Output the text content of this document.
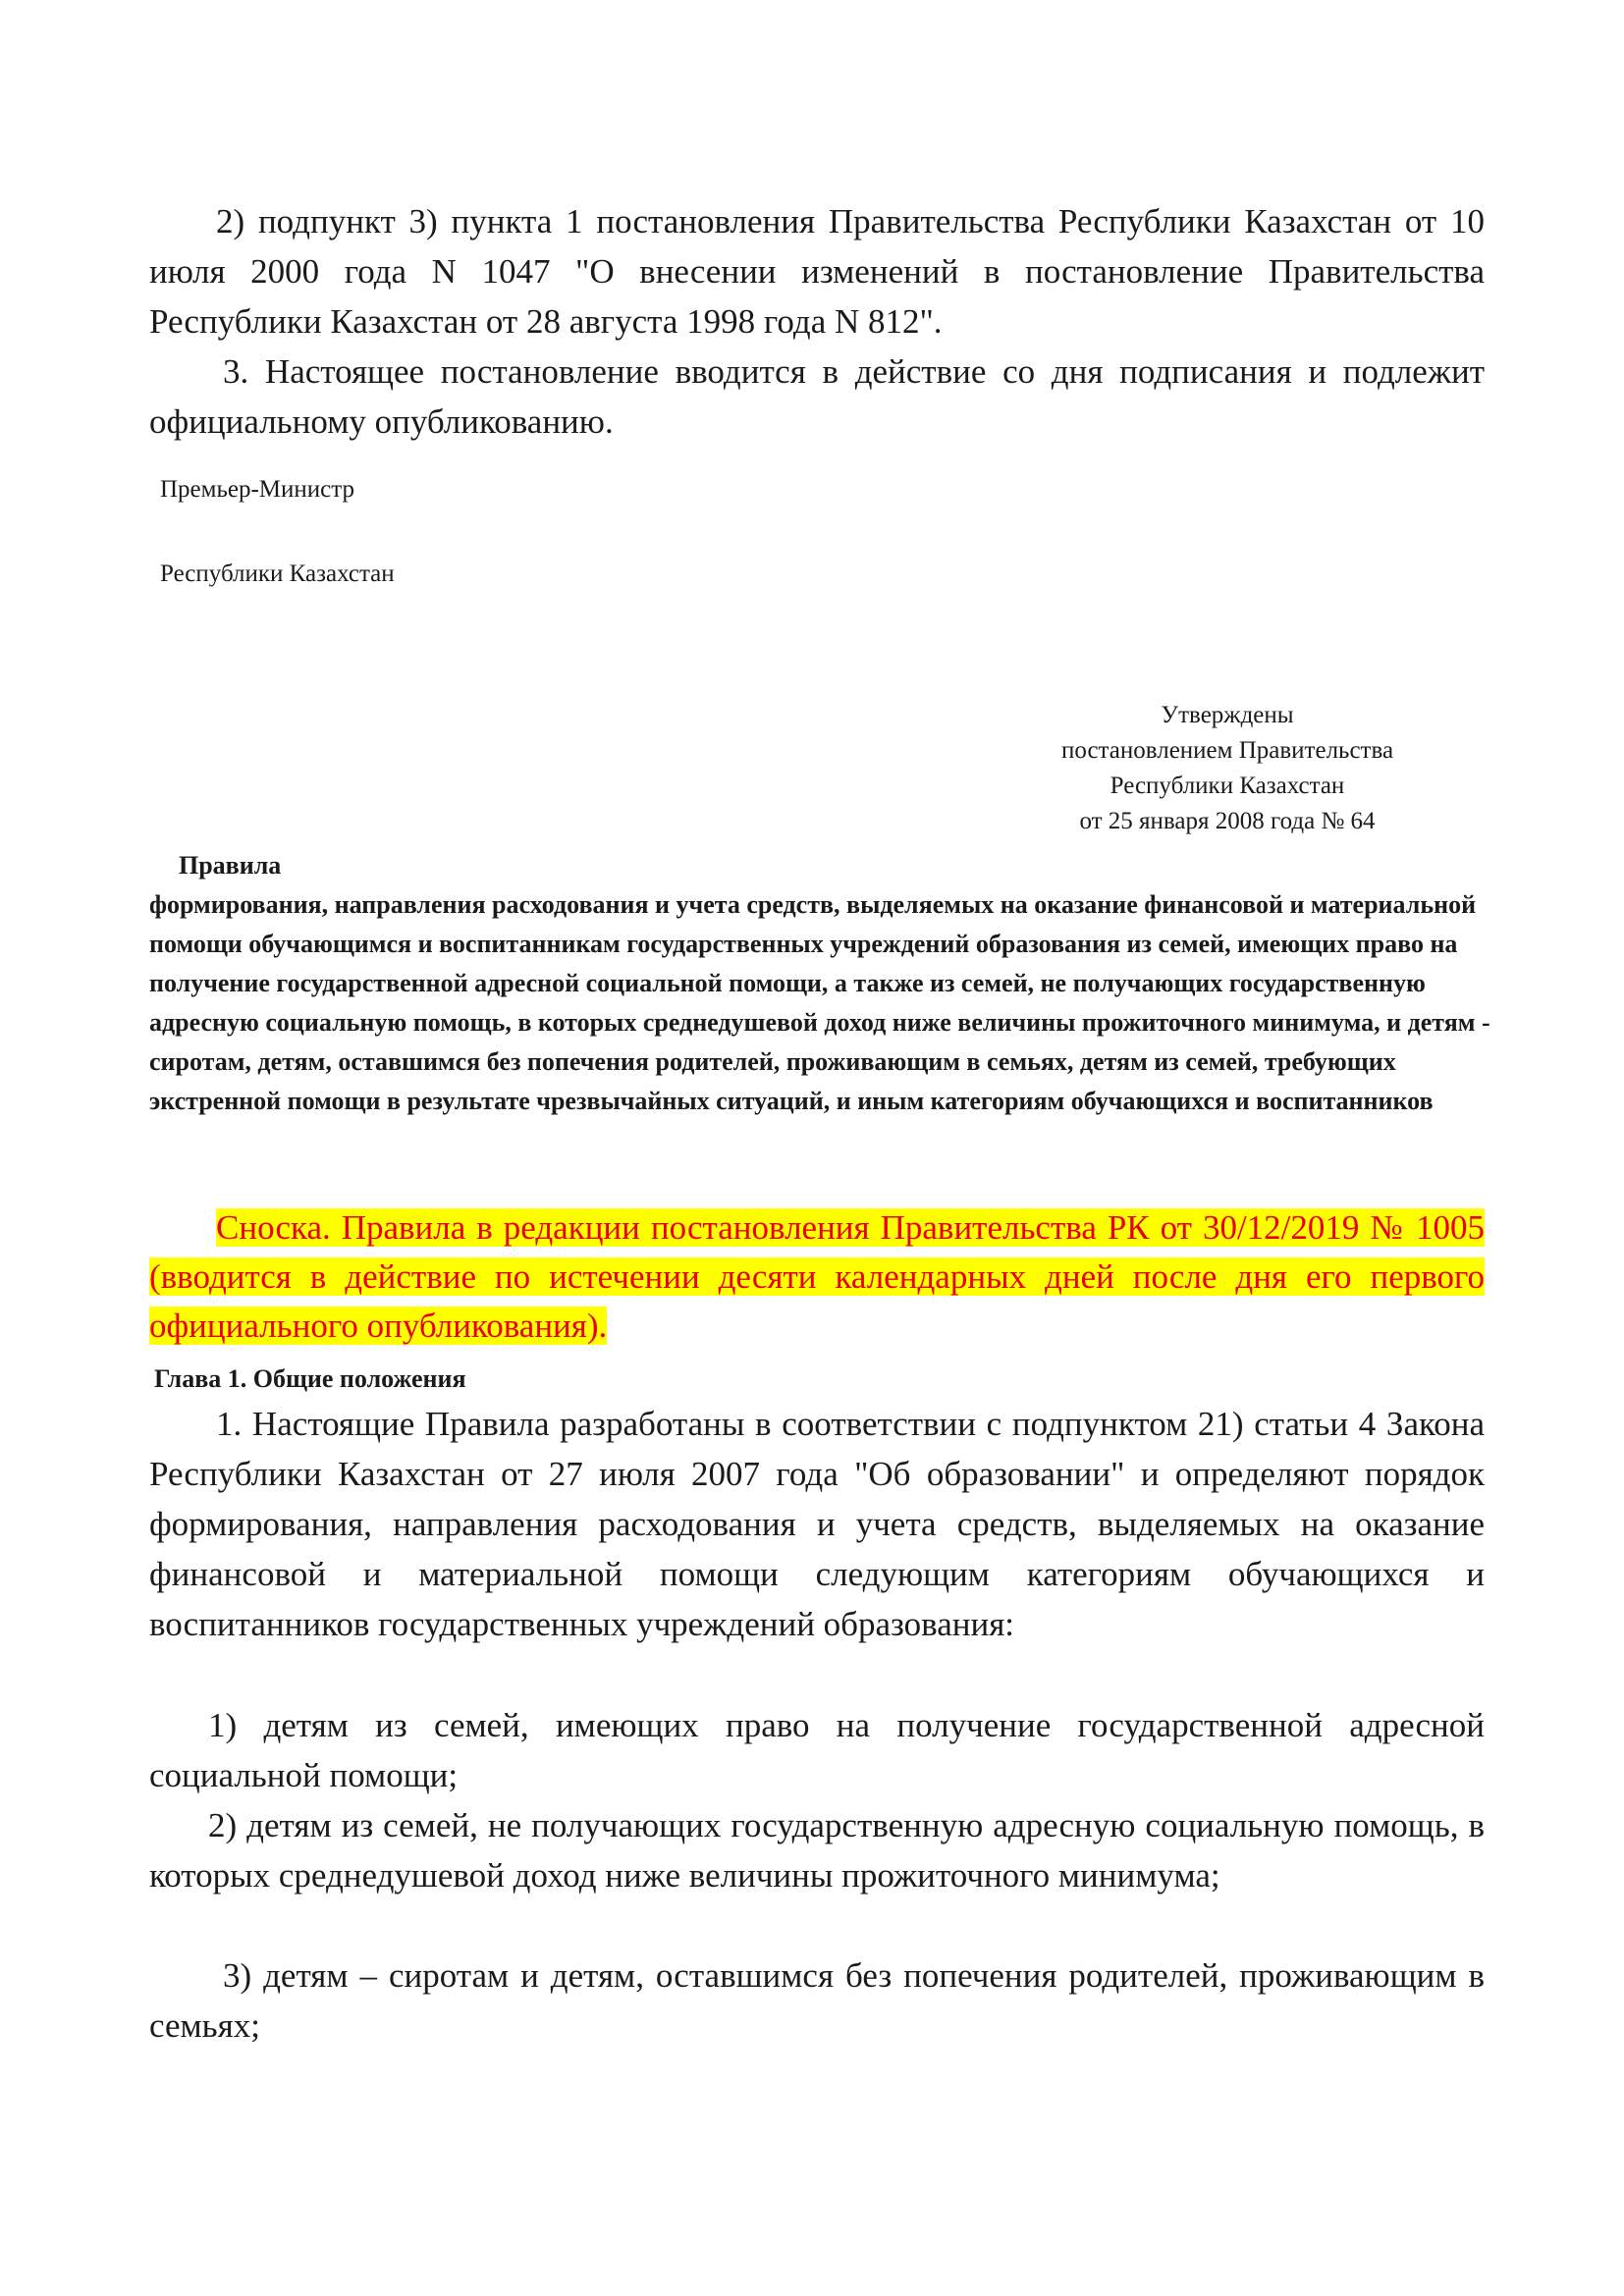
2) подпункт 3) пункта 1 постановления Правительства Республики Казахстан от 10 июля 2000 года N 1047 "О внесении изменений в постановление Правительства Республики Казахстан от 28 августа 1998 года N 812".

3. Настоящее постановление вводится в действие со дня подписания и подлежит официальному опубликованию.

Премьер-Министр

Республики Казахстан

Утверждены
постановлением Правительства
Республики Казахстан
от 25 января 2008 года № 64
Правила
формирования, направления расходования и учета средств, выделяемых на оказание финансовой и материальной помощи обучающимся и воспитанникам государственных учреждений образования из семей, имеющих право на получение государственной адресной социальной помощи, а также из семей, не получающих государственную адресную социальную помощь, в которых среднедушевой доход ниже величины прожиточного минимума, и детям - сиротам, детям, оставшимся без попечения родителей, проживающим в семьях, детям из семей, требующих экстренной помощи в результате чрезвычайных ситуаций, и иным категориям обучающихся и воспитанников

Сноска. Правила в редакции постановления Правительства РК от 30/12/2019 № 1005 (вводится в действие по истечении десяти календарных дней после дня его первого официального опубликования).

Глава 1. Общие положения

1. Настоящие Правила разработаны в соответствии с подпунктом 21) статьи 4 Закона Республики Казахстан от 27 июля 2007 года "Об образовании" и определяют порядок формирования, направления расходования и учета средств, выделяемых на оказание финансовой и материальной помощи следующим категориям обучающихся и воспитанников государственных учреждений образования:

1) детям из семей, имеющих право на получение государственной адресной социальной помощи;

2) детям из семей, не получающих государственную адресную социальную помощь, в которых среднедушевой доход ниже величины прожиточного минимума;

3) детям – сиротам и детям, оставшимся без попечения родителей, проживающим в семьях;
